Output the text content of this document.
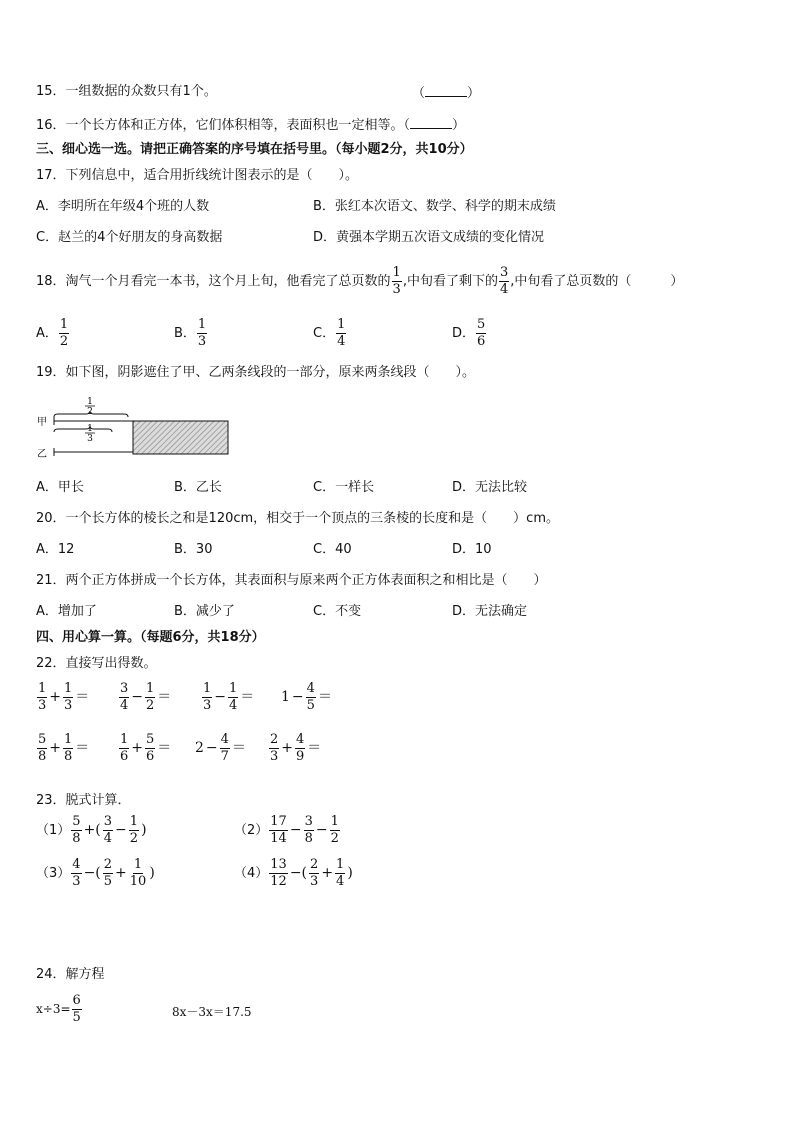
15．一组数据的众数只有1个。	（	）
16．一个长方体和正方体，它们体积相等，表面积也一定相等。（	）
三、细心选一选。请把正确答案的序号填在括号里。（每小题2分，共10分）
17．下列信息中，适合用折线统计图表示的是（　　）。
A．李明所在年级4个班的人数	B．张红本次语文、数学、科学的期末成绩
C．赵兰的4个好朋友的身高数据	D．黄强本学期五次语文成绩的变化情况
18．淘气一个月看完一本书，这个月上旬，他看完了总页数的 $\frac{1}{3}$ ,中旬看了剩下的 $\frac{3}{4}$ ,中旬看了总页数的（　　　）
A． $\frac{1}{2}$	B． $\frac{1}{3}$	C． $\frac{1}{4}$	D． $\frac{5}{6}$
19．如下图，阴影遮住了甲、乙两条线段的一部分，原来两条线段（　　）。
1
2
甲
1
3
乙
A．甲长	B．乙长	C．一样长	D．无法比较
20．一个长方体的棱长之和是120cm，相交于一个顶点的三条棱的长度和是（　　）cm。
A．12	B．30	C．40	D．10
21．两个正方体拼成一个长方体，其表面积与原来两个正方体表面积之和相比是（　　）
A．增加了	B．减少了	C．不变	D．无法确定
四、用心算一算。（每题6分，共18分）
22．直接写出得数。
$\frac{1}{3} + \frac{1}{3} = \frac{3}{4} - \frac{1}{2} = \frac{1}{3} - \frac{1}{4} = 1 - \frac{4}{5}$ ＝
$\frac{5}{8} + \frac{1}{8} = \frac{1}{6} + \frac{5}{6} = 2 - \frac{4}{7} = \frac{2}{3} + \frac{4}{9}$ ＝
23．脱式计算．
$(1) \frac{5}{8}$ +( $\frac{3}{4} - \frac{1}{2}$ )	$(2) \frac{17}{14} - \frac{3}{8} - \frac{1}{2}$
$(3) \frac{4}{3}$ −( $\frac{2}{5} + \frac{1}{10}$ )	$(4) \frac{13}{12}$ −( $\frac{2}{3} + \frac{1}{4}$ )
24．解方程
$x\div 3= \frac{6}{5}$	8x－3x＝17.5
